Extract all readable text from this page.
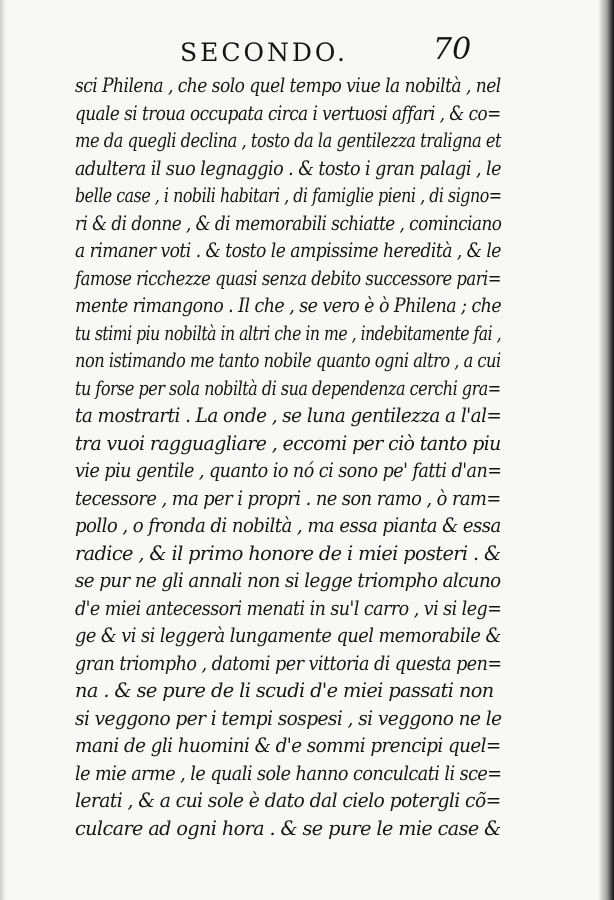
SECONDO.	70
sci Philena , che solo quel tempo viue la nobiltà , nel
quale si troua occupata circa i vertuosi affari , & co=
me da quegli declina , tosto da la gentilezza traligna et
adultera il suo legnaggio . & tosto i gran palagi , le
belle case , i nobili habitari , di famiglie pieni , di signo=
ri & di donne , & di memorabili schiatte , cominciano
a rimaner voti . & tosto le ampissime heredità , & le
famose ricchezze quasi senza debito successore pari=
mente rimangono . Il che , se vero è ò Philena ; che
tu stimi piu nobiltà in altri che in me , indebitamente fai ,
non istimando me tanto nobile quanto ogni altro , a cui
tu forse per sola nobiltà di sua dependenza cerchi gra=
ta mostrarti . La onde , se luna gentilezza a l'al=
tra vuoi ragguagliare , eccomi per ciò tanto piu
vie piu gentile , quanto io nó ci sono pe' fatti d'an=
tecessore , ma per i propri . ne son ramo , ò ram=
pollo , o fronda di nobiltà , ma essa pianta & essa
radice , & il primo honore de i miei posteri . &
se pur ne gli annali non si legge triompho alcuno
d'e miei antecessori menati in su'l carro , vi si leg=
ge & vi si leggerà lungamente quel memorabile &
gran triompho , datomi per vittoria di questa pen=
na . & se pure de li scudi d'e miei passati non
si veggono per i tempi sospesi , si veggono ne le
mani de gli huomini & d'e sommi prencipi quel=
le mie arme , le quali sole hanno conculcati li sce=
lerati , & a cui sole è dato dal cielo potergli cõ=
culcare ad ogni hora . & se pure le mie case &
